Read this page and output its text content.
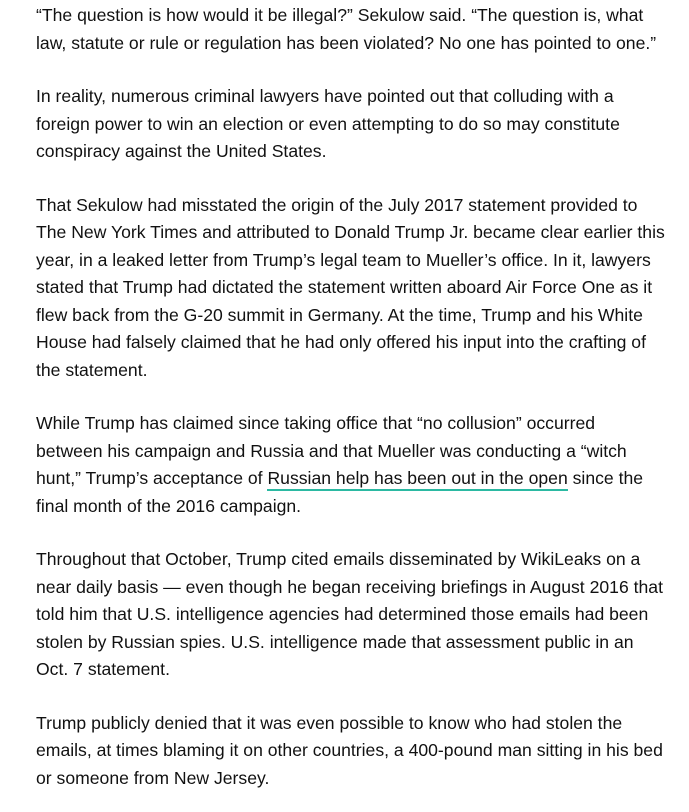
“The question is how would it be illegal?” Sekulow said. “The question is, what law, statute or rule or regulation has been violated? No one has pointed to one.”

In reality, numerous criminal lawyers have pointed out that colluding with a foreign power to win an election or even attempting to do so may constitute conspiracy against the United States.

That Sekulow had misstated the origin of the July 2017 statement provided to The New York Times and attributed to Donald Trump Jr. became clear earlier this year, in a leaked letter from Trump’s legal team to Mueller’s office. In it, lawyers stated that Trump had dictated the statement written aboard Air Force One as it flew back from the G-20 summit in Germany. At the time, Trump and his White House had falsely claimed that he had only offered his input into the crafting of the statement.

While Trump has claimed since taking office that “no collusion” occurred between his campaign and Russia and that Mueller was conducting a “witch hunt,” Trump’s acceptance of Russian help has been out in the open since the final month of the 2016 campaign.

Throughout that October, Trump cited emails disseminated by WikiLeaks on a near daily basis — even though he began receiving briefings in August 2016 that told him that U.S. intelligence agencies had determined those emails had been stolen by Russian spies. U.S. intelligence made that assessment public in an Oct. 7 statement.

Trump publicly denied that it was even possible to know who had stolen the emails, at times blaming it on other countries, a 400-pound man sitting in his bed or someone from New Jersey.
